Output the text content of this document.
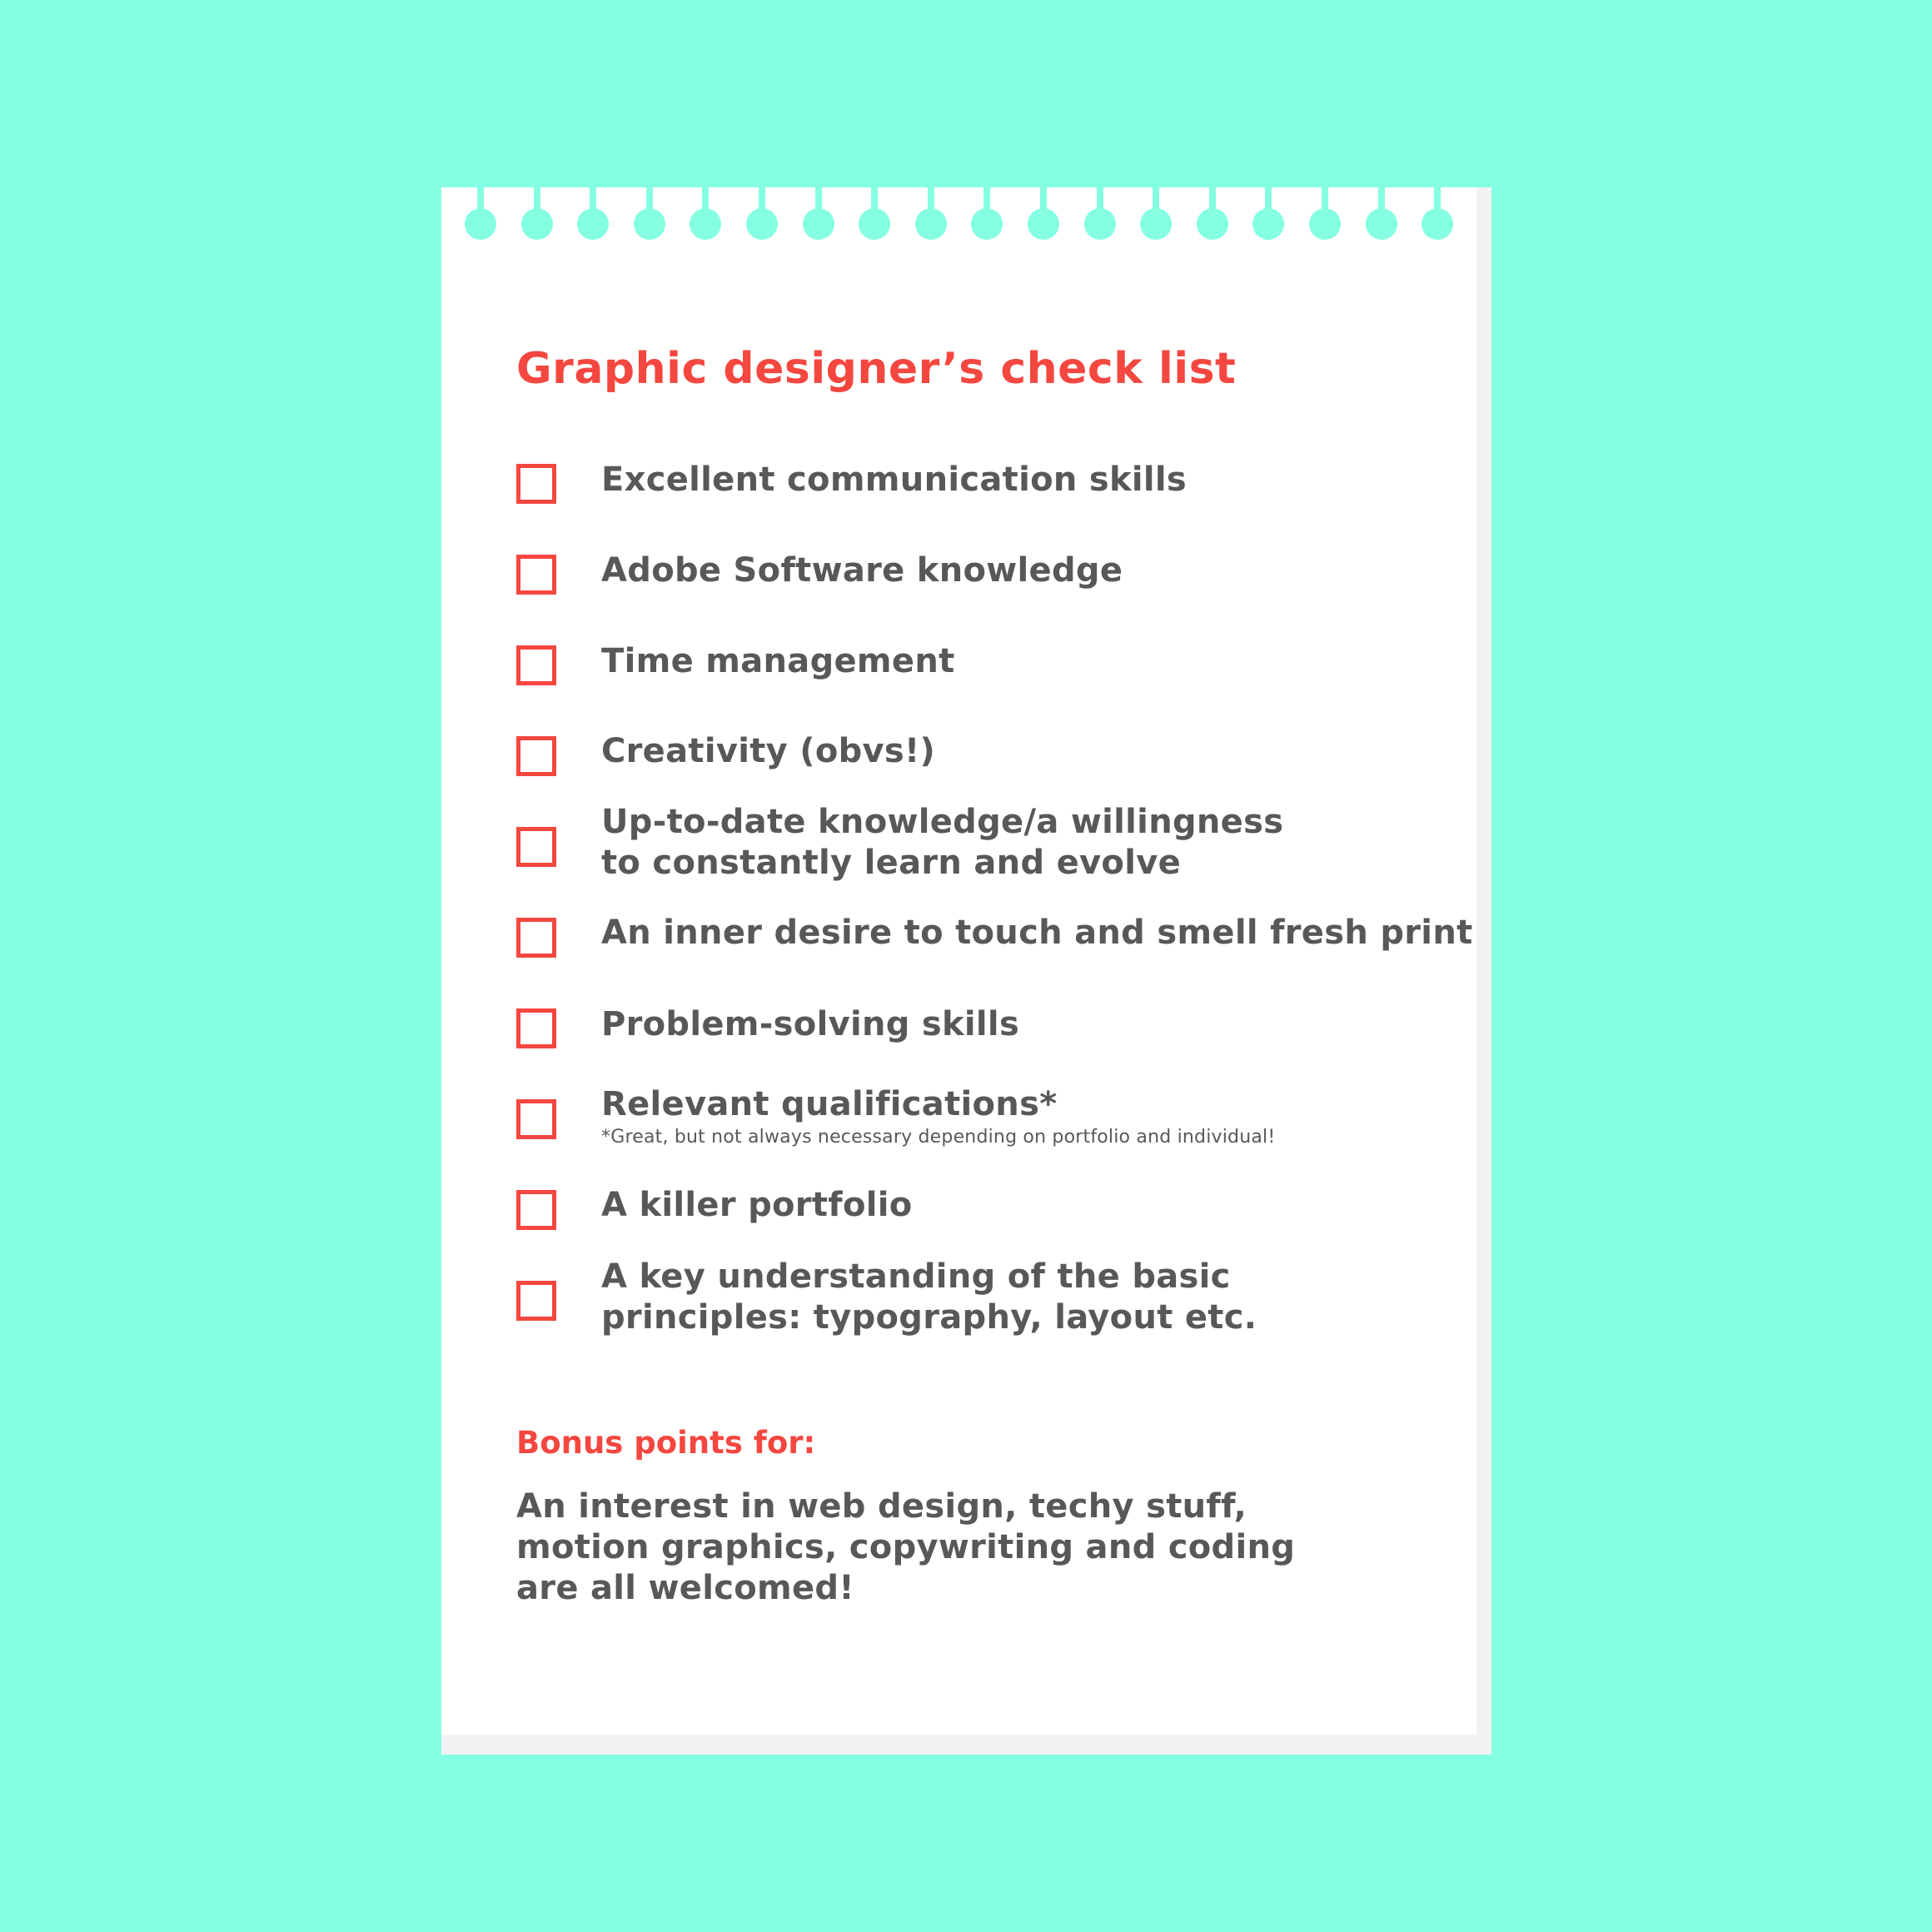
Graphic designer’s check list
Excellent communication skills
Adobe Software knowledge
Time management
Creativity (obvs!)
Up-to-date knowledge/a willingness
to constantly learn and evolve
An inner desire to touch and smell fresh print
Problem-solving skills
Relevant qualifications*
*Great, but not always necessary depending on portfolio and individual!
A killer portfolio
A key understanding of the basic
principles: typography, layout etc.
Bonus points for:
An interest in web design, techy stuff,
motion graphics, copywriting and coding
are all welcomed!
